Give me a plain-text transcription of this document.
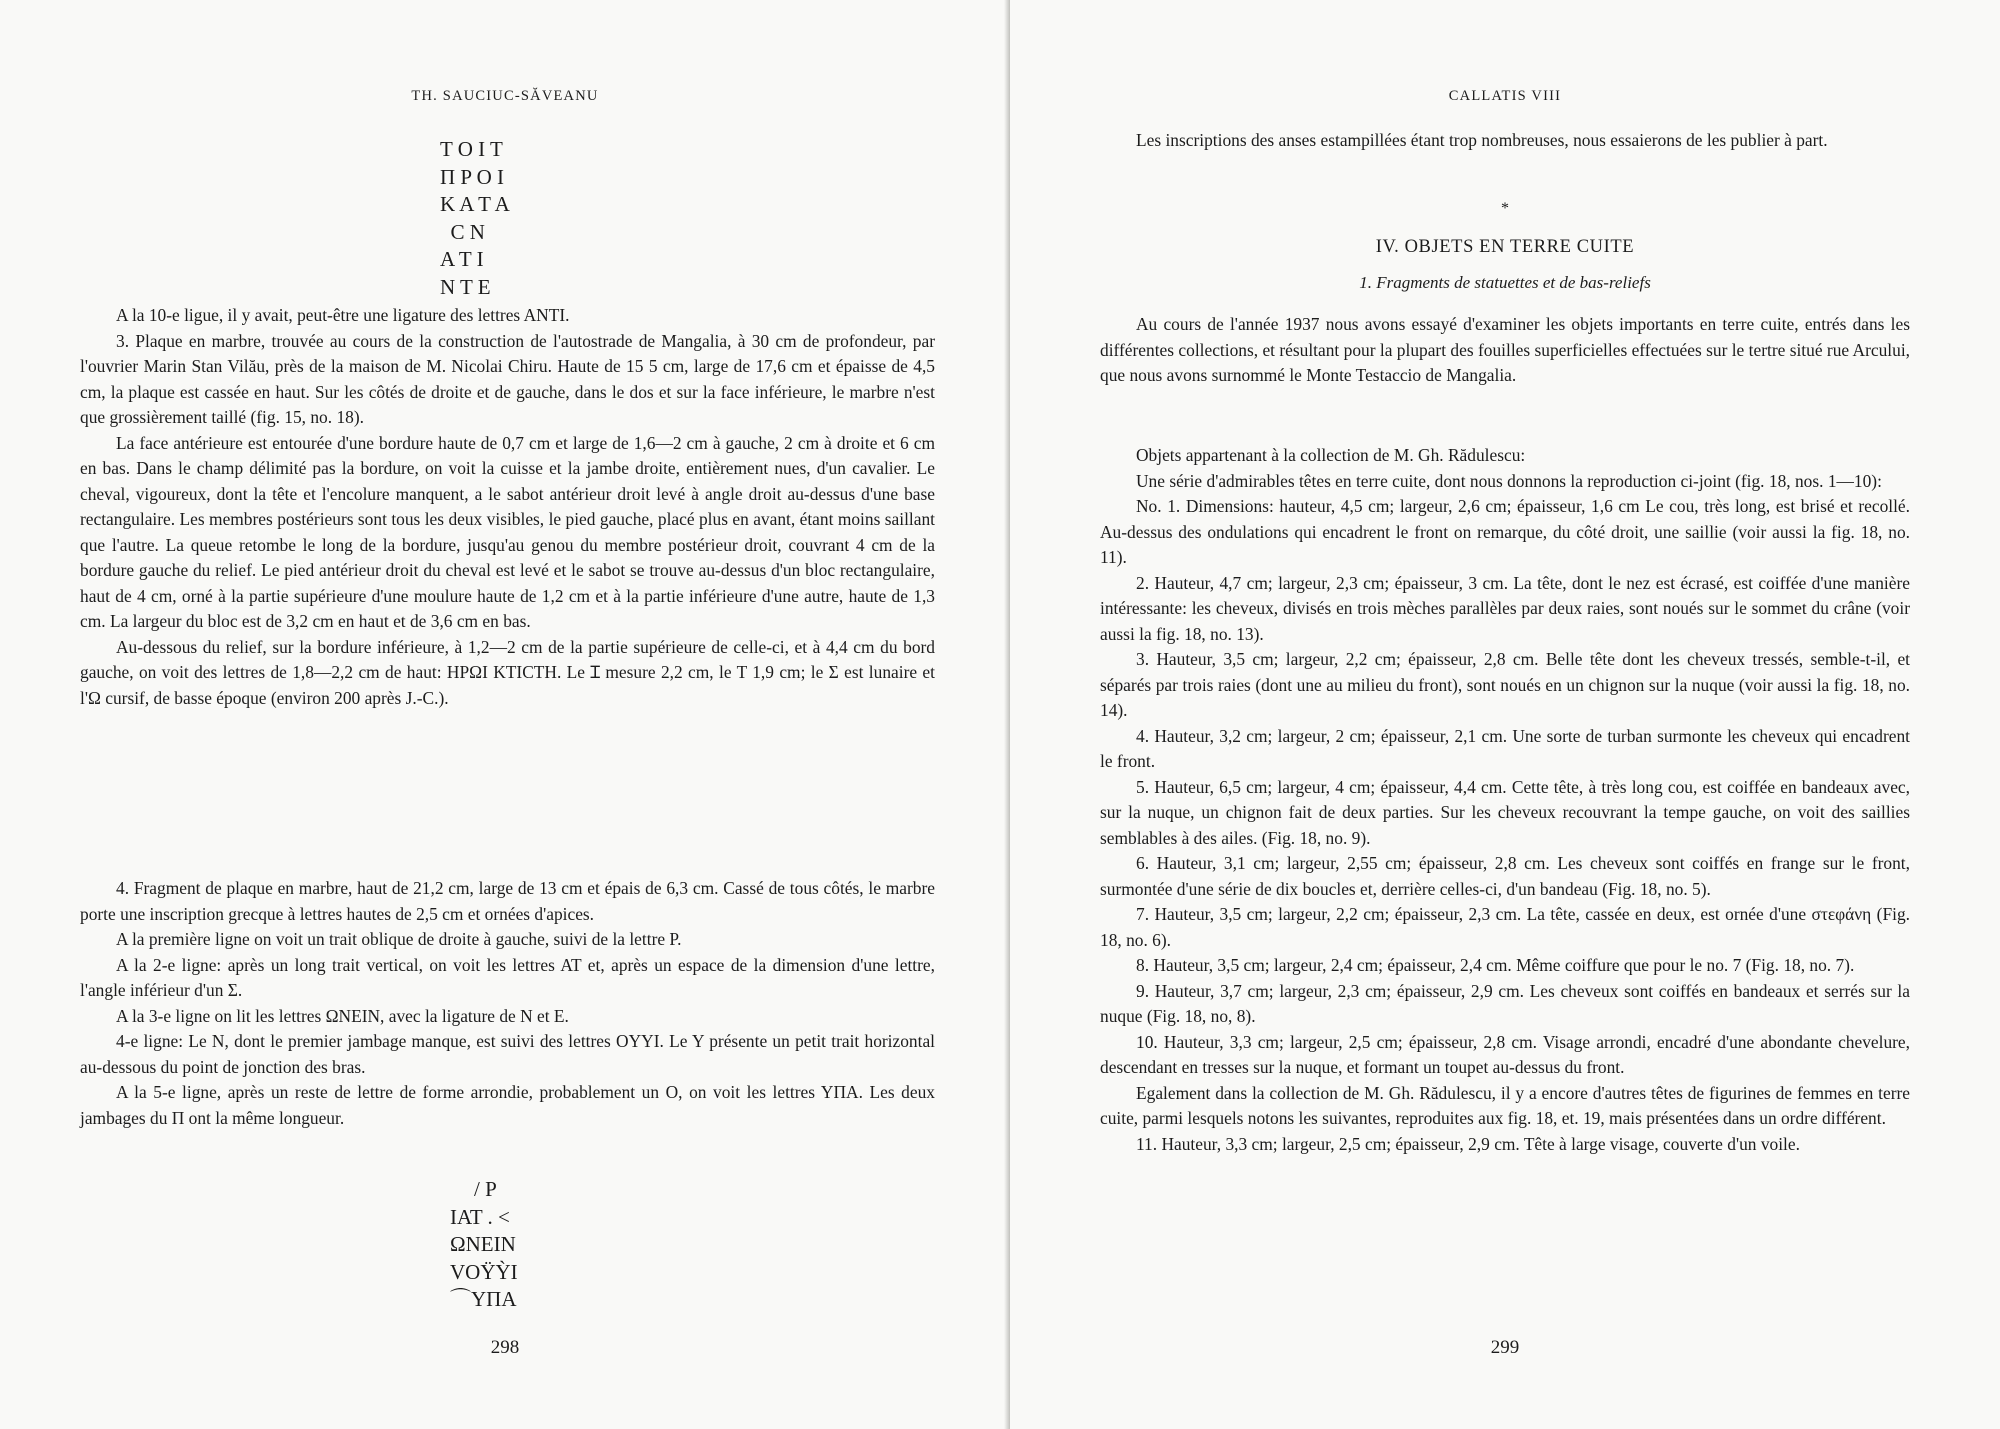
TH. SAUCIUC-SĂVEANU
T O I T
Π P O I
K A T A
Ϲ N
A T I
N T E

A la 10-e ligue, il y avait, peut-être une ligature des lettres ANTI.

3. Plaque en marbre, trouvée au cours de la construction de l'autostrade de Mangalia, à 30 cm de profondeur, par l'ouvrier Marin Stan Vilău, près de la maison de M. Nicolai Chiru. Haute de 15 5 cm, large de 17,6 cm et épaisse de 4,5 cm, la plaque est cassée en haut. Sur les côtés de droite et de gauche, dans le dos et sur la face inférieure, le marbre n'est que grossièrement taillé (fig. 15, no. 18).

La face antérieure est entourée d'une bordure haute de 0,7 cm et large de 1,6—2 cm à gauche, 2 cm à droite et 6 cm en bas. Dans le champ délimité pas la bordure, on voit la cuisse et la jambe droite, entièrement nues, d'un cavalier. Le cheval, vigoureux, dont la tête et l'encolure manquent, a le sabot antérieur droit levé à angle droit au-dessus d'une base rectangulaire. Les membres postérieurs sont tous les deux visibles, le pied gauche, placé plus en avant, étant moins saillant que l'autre. La queue retombe le long de la bordure, jusqu'au genou du membre postérieur droit, couvrant 4 cm de la bordure gauche du relief. Le pied antérieur droit du cheval est levé et le sabot se trouve au-dessus d'un bloc rectangulaire, haut de 4 cm, orné à la partie supérieure d'une moulure haute de 1,2 cm et à la partie inférieure d'une autre, haute de 1,3 cm. La largeur du bloc est de 3,2 cm en haut et de 3,6 cm en bas.

Au-dessous du relief, sur la bordure inférieure, à 1,2—2 cm de la partie supérieure de celle-ci, et à 4,4 cm du bord gauche, on voit des lettres de 1,8—2,2 cm de haut: HPΩI KTICTH. Le Ɪ mesure 2,2 cm, le T 1,9 cm; le Σ est lunaire et l'Ω cursif, de basse époque (environ 200 après J.-C.).

4. Fragment de plaque en marbre, haut de 21,2 cm, large de 13 cm et épais de 6,3 cm. Cassé de tous côtés, le marbre porte une inscription grecque à lettres hautes de 2,5 cm et ornées d'apices.

A la première ligne on voit un trait oblique de droite à gauche, suivi de la lettre P.

A la 2-e ligne: après un long trait vertical, on voit les lettres AT et, après un espace de la dimension d'une lettre, l'angle inférieur d'un Σ.

A la 3-e ligne on lit les lettres ΩNEIN, avec la ligature de N et E.

4-e ligne: Le N, dont le premier jambage manque, est suivi des lettres OYYI. Le Y présente un petit trait horizontal au-dessous du point de jonction des bras.

A la 5-e ligne, après un reste de lettre de forme arrondie, probablement un O, on voit les lettres YΠA. Les deux jambages du Π ont la même longueur.

/ P
IAT . <
ΩNEIN
VOŸỲI
⌒YΠA
298
CALLATIS VIII

Les inscriptions des anses estampillées étant trop nombreuses, nous essaierons de les publier à part.

*
IV. OBJETS EN TERRE CUITE
1. Fragments de statuettes et de bas-reliefs

Au cours de l'année 1937 nous avons essayé d'examiner les objets importants en terre cuite, entrés dans les différentes collections, et résultant pour la plupart des fouilles superficielles effectuées sur le tertre situé rue Arcului, que nous avons surnommé le Monte Testaccio de Mangalia.

Objets appartenant à la collection de M. Gh. Rădulescu:

Une série d'admirables têtes en terre cuite, dont nous donnons la reproduction ci-joint (fig. 18, nos. 1—10):

No. 1. Dimensions: hauteur, 4,5 cm; largeur, 2,6 cm; épaisseur, 1,6 cm Le cou, très long, est brisé et recollé. Au-dessus des ondulations qui encadrent le front on remarque, du côté droit, une saillie (voir aussi la fig. 18, no. 11).

2. Hauteur, 4,7 cm; largeur, 2,3 cm; épaisseur, 3 cm. La tête, dont le nez est écrasé, est coiffée d'une manière intéressante: les cheveux, divisés en trois mèches parallèles par deux raies, sont noués sur le sommet du crâne (voir aussi la fig. 18, no. 13).

3. Hauteur, 3,5 cm; largeur, 2,2 cm; épaisseur, 2,8 cm. Belle tête dont les cheveux tressés, semble-t-il, et séparés par trois raies (dont une au milieu du front), sont noués en un chignon sur la nuque (voir aussi la fig. 18, no. 14).

4. Hauteur, 3,2 cm; largeur, 2 cm; épaisseur, 2,1 cm. Une sorte de turban surmonte les cheveux qui encadrent le front.

5. Hauteur, 6,5 cm; largeur, 4 cm; épaisseur, 4,4 cm. Cette tête, à très long cou, est coiffée en bandeaux avec, sur la nuque, un chignon fait de deux parties. Sur les cheveux recouvrant la tempe gauche, on voit des saillies semblables à des ailes. (Fig. 18, no. 9).

6. Hauteur, 3,1 cm; largeur, 2,55 cm; épaisseur, 2,8 cm. Les cheveux sont coiffés en frange sur le front, surmontée d'une série de dix boucles et, derrière celles-ci, d'un bandeau (Fig. 18, no. 5).

7. Hauteur, 3,5 cm; largeur, 2,2 cm; épaisseur, 2,3 cm. La tête, cassée en deux, est ornée d'une στεφάνη (Fig. 18, no. 6).

8. Hauteur, 3,5 cm; largeur, 2,4 cm; épaisseur, 2,4 cm. Même coiffure que pour le no. 7 (Fig. 18, no. 7).

9. Hauteur, 3,7 cm; largeur, 2,3 cm; épaisseur, 2,9 cm. Les cheveux sont coiffés en bandeaux et serrés sur la nuque (Fig. 18, no, 8).

10. Hauteur, 3,3 cm; largeur, 2,5 cm; épaisseur, 2,8 cm. Visage arrondi, encadré d'une abondante chevelure, descendant en tresses sur la nuque, et formant un toupet au-dessus du front.

Egalement dans la collection de M. Gh. Rădulescu, il y a encore d'autres têtes de figurines de femmes en terre cuite, parmi lesquels notons les suivantes, reproduites aux fig. 18, et. 19, mais présentées dans un ordre différent.

11. Hauteur, 3,3 cm; largeur, 2,5 cm; épaisseur, 2,9 cm. Tête à large visage, couverte d'un voile.

299
